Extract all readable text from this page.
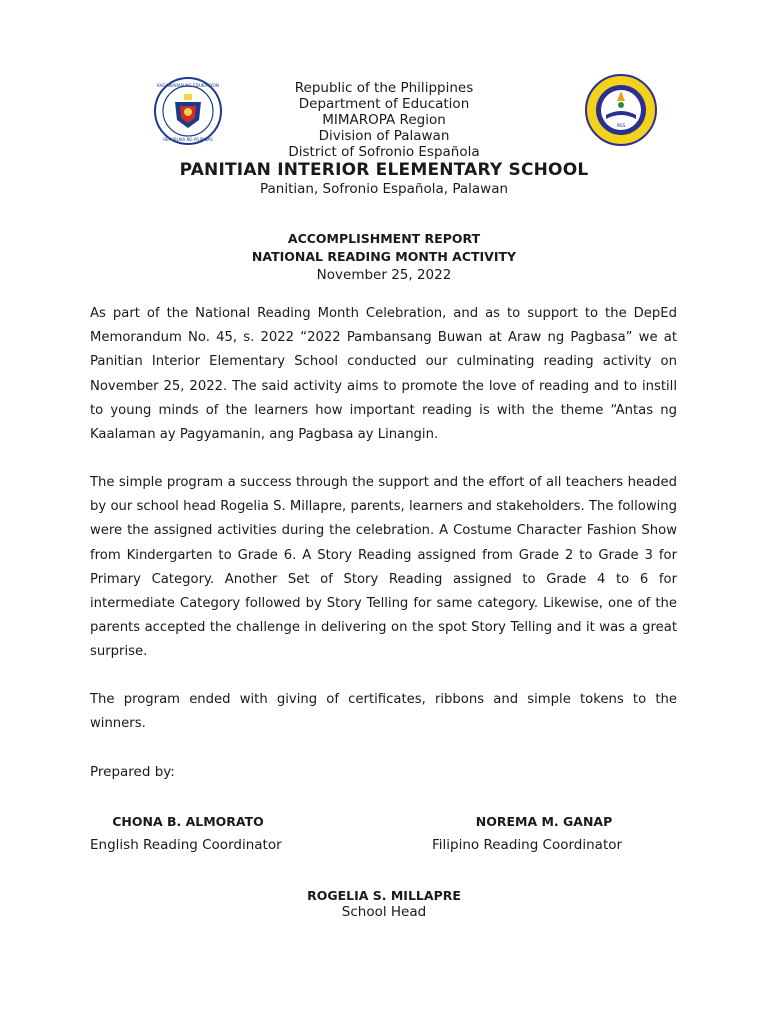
KAGAWARAN NG EDUKASYON
REPUBLIKA NG PILIPINAS
PIES
Republic of the Philippines
Department of Education
MIMAROPA Region
Division of Palawan
District of Sofronio Española
PANITIAN INTERIOR ELEMENTARY SCHOOL
Panitian, Sofronio Española, Palawan
ACCOMPLISHMENT REPORT
NATIONAL READING MONTH ACTIVITY
November 25, 2022

As part of the National Reading Month Celebration, and as to support to the DepEd Memorandum No. 45, s. 2022 “2022 Pambansang Buwan at Araw ng Pagbasa” we at Panitian Interior Elementary School conducted our culminating reading activity on November 25, 2022. The said activity aims to promote the love of reading and to instill to young minds of the learners how important reading is with the theme “Antas ng Kaalaman ay Pagyamanin, ang Pagbasa ay Linangin.

The simple program a success through the support and the effort of all teachers headed by our school head Rogelia S. Millapre, parents, learners and stakeholders. The following were the assigned activities during the celebration. A Costume Character Fashion Show from Kindergarten to Grade 6. A Story Reading assigned from Grade 2 to Grade 3 for Primary Category. Another Set of Story Reading assigned to Grade 4 to 6 for intermediate Category followed by Story Telling for same category. Likewise, one of the parents accepted the challenge in delivering on the spot Story Telling and it was a great surprise.

The program ended with giving of certificates, ribbons and simple tokens to the winners.

Prepared by:
CHONA B. ALMORATO
English Reading Coordinator
NOREMA M. GANAP
Filipino Reading Coordinator
ROGELIA S. MILLAPRE
School Head
